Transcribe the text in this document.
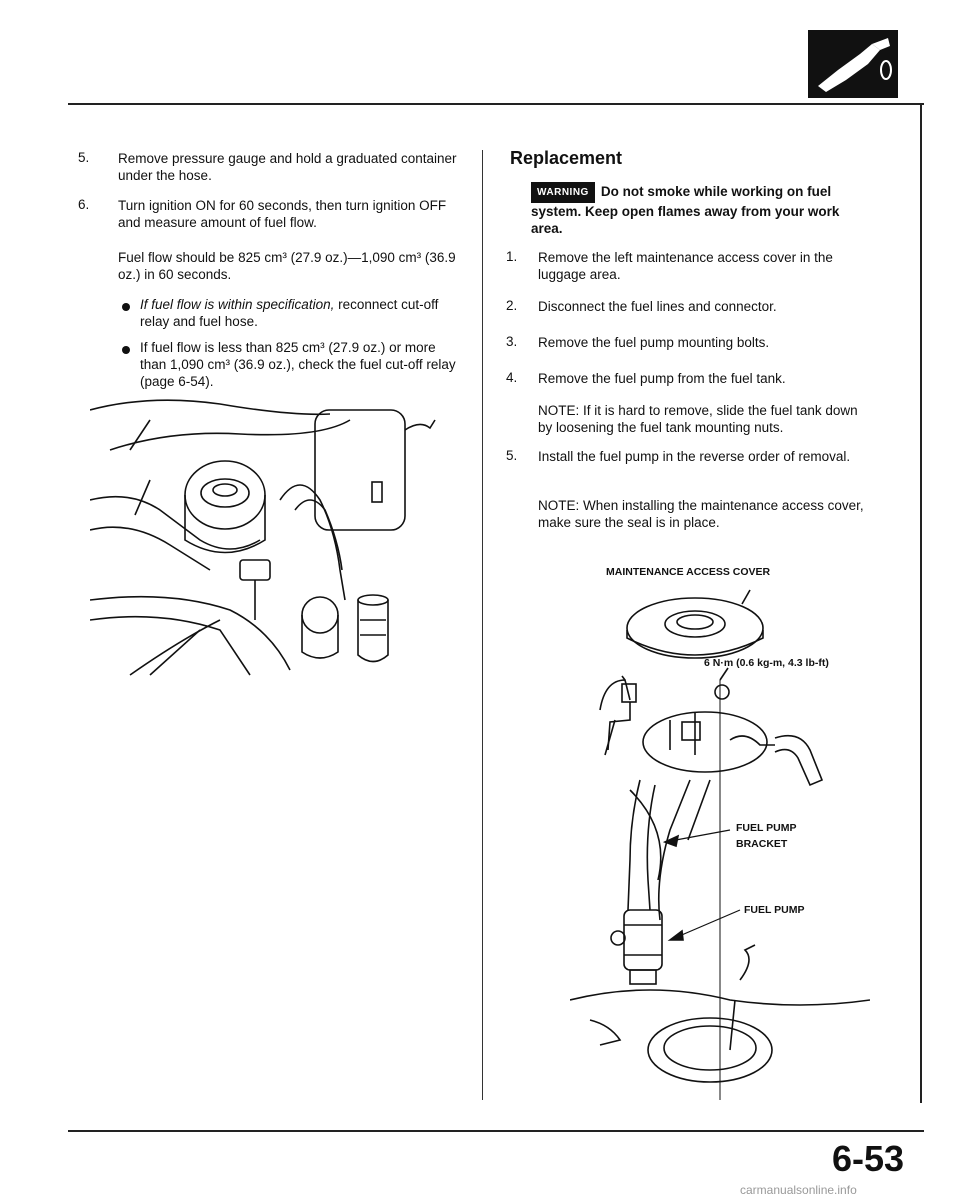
5.	Remove pressure gauge and hold a graduated container under the hose.
6.	Turn ignition ON for 60 seconds, then turn ignition OFF and measure amount of fuel flow.
Fuel flow should be 825 cm³ (27.9 oz.)—1,090 cm³ (36.9 oz.) in 60 seconds.
If fuel flow is within specification, reconnect cut-off relay and fuel hose.
If fuel flow is less than 825 cm³ (27.9 oz.) or more than 1,090 cm³ (36.9 oz.), check the fuel cut-off relay (page 6-54).
Replacement
WARNING Do not smoke while working on fuel system. Keep open flames away from your work area.
1.	Remove the left maintenance access cover in the luggage area.
2.	Disconnect the fuel lines and connector.
3.	Remove the fuel pump mounting bolts.
4.	Remove the fuel pump from the fuel tank.
NOTE: If it is hard to remove, slide the fuel tank down by loosening the fuel tank mounting nuts.
5.	Install the fuel pump in the reverse order of removal.
NOTE: When installing the maintenance access cover, make sure the seal is in place.
MAINTENANCE ACCESS COVER
6 N·m (0.6 kg-m, 4.3 lb-ft)
FUEL PUMP
BRACKET
FUEL PUMP
6-53
carmanualsonline.info
